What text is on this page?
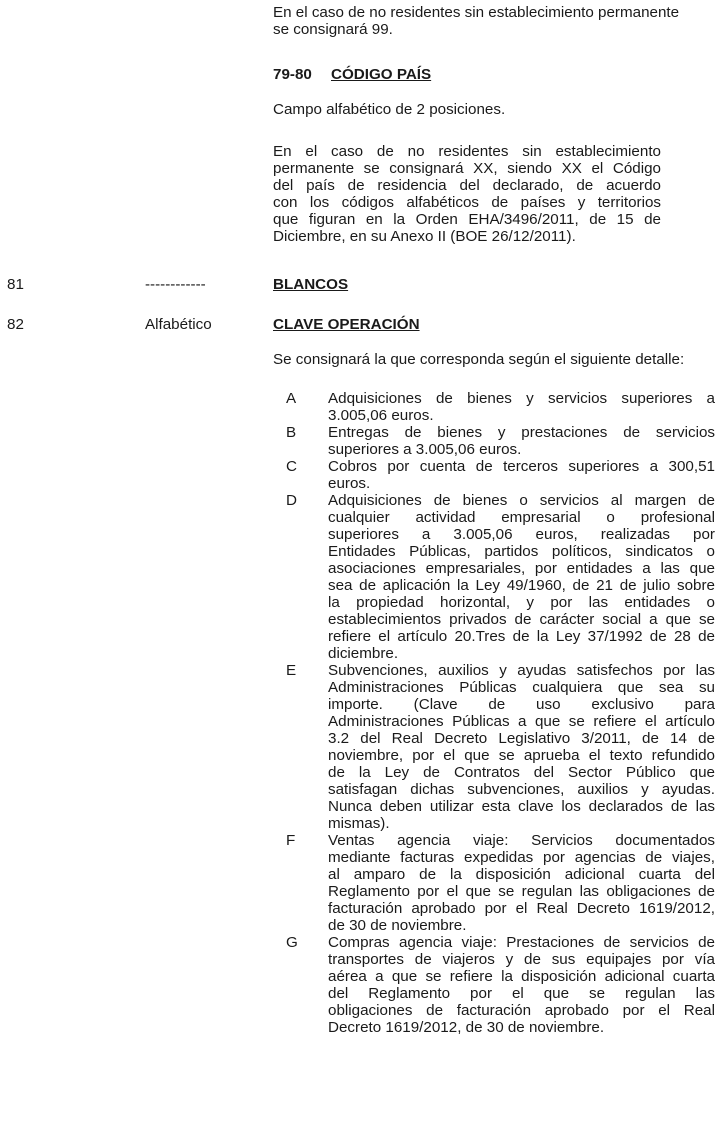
En el caso de no residentes sin establecimiento permanente
se consignará 99.
79-80 CÓDIGO PAÍS
Campo alfabético de 2 posiciones.
En el caso de no residentes sin establecimiento
permanente se consignará XX, siendo XX el Código
del país de residencia del declarado, de acuerdo
con los códigos alfabéticos de países y territorios
que figuran en la Orden EHA/3496/2011, de 15 de
Diciembre, en su Anexo II (BOE 26/12/2011).
81	------------	BLANCOS
82	Alfabético	CLAVE OPERACIÓN
Se consignará la que corresponda según el siguiente detalle:
A	Adquisiciones de bienes y servicios superiores a
3.005,06 euros.
B	Entregas de bienes y prestaciones de servicios
superiores a 3.005,06 euros.
C	Cobros por cuenta de terceros superiores a 300,51
euros.
D	Adquisiciones de bienes o servicios al margen de
cualquier actividad empresarial o profesional
superiores a 3.005,06 euros, realizadas por
Entidades Públicas, partidos políticos, sindicatos o
asociaciones empresariales, por entidades a las que
sea de aplicación la Ley 49/1960, de 21 de julio sobre
la propiedad horizontal, y por las entidades o
establecimientos privados de carácter social a que se
refiere el artículo 20.Tres de la Ley 37/1992 de 28 de
diciembre.
E	Subvenciones, auxilios y ayudas satisfechos por las
Administraciones Públicas cualquiera que sea su
importe. (Clave de uso exclusivo para
Administraciones Públicas a que se refiere el artículo
3.2 del Real Decreto Legislativo 3/2011, de 14 de
noviembre, por el que se aprueba el texto refundido
de la Ley de Contratos del Sector Público que
satisfagan dichas subvenciones, auxilios y ayudas.
Nunca deben utilizar esta clave los declarados de las
mismas).
F	Ventas agencia viaje: Servicios documentados
mediante facturas expedidas por agencias de viajes,
al amparo de la disposición adicional cuarta del
Reglamento por el que se regulan las obligaciones de
facturación aprobado por el Real Decreto 1619/2012,
de 30 de noviembre.
G	Compras agencia viaje: Prestaciones de servicios de
transportes de viajeros y de sus equipajes por vía
aérea a que se refiere la disposición adicional cuarta
del Reglamento por el que se regulan las
obligaciones de facturación aprobado por el Real
Decreto 1619/2012, de 30 de noviembre.
